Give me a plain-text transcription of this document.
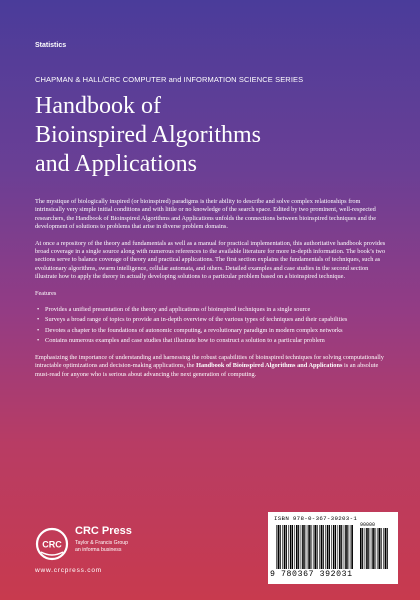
Statistics
CHAPMAN & HALL/CRC COMPUTER and INFORMATION SCIENCE SERIES
Handbook of
Bioinspired Algorithms
and Applications

The mystique of biologically inspired (or bioinspired) paradigms is their ability to describe and solve complex relationships from intrinsically very simple initial conditions and with little or no knowledge of the search space. Edited by two prominent, well-respected researchers, the Handbook of Bioinspired Algorithms and Applications unfolds the connections between bioinspired techniques and the development of solutions to problems that arise in diverse problem domains.

At once a repository of the theory and fundamentals as well as a manual for practical implementation, this authoritative handbook provides broad coverage in a single source along with numerous references to the available literature for more in-depth information. The book’s two sections serve to balance coverage of theory and practical applications. The first section explains the fundamentals of techniques, such as evolutionary algorithms, swarm intelligence, cellular automata, and others. Detailed examples and case studies in the second section illustrate how to apply the theory in actually developing solutions to a particular problem based on a bioinspired technique.

Features

• Provides a unified presentation of the theory and applications of bioinspired techniques in a single source
• Surveys a broad range of topics to provide an in-depth overview of the various types of techniques and their capabilities
• Devotes a chapter to the foundations of autonomic computing, a revolutionary paradigm in modern complex networks
• Contains numerous examples and case studies that illustrate how to construct a solution to a particular problem

Emphasizing the importance of understanding and harnessing the robust capabilities of bioinspired techniques for solving computationally intractable optimizations and decision-making applications, the Handbook of Bioinspired Algorithms and Applications is an absolute must-read for anyone who is serious about advancing the next generation of computing.

CRC
CRC Press
Taylor & Francis Group
an informa business
www.crcpress.com
ISBN 978-0-367-39203-1
90000
9 780367 392031
